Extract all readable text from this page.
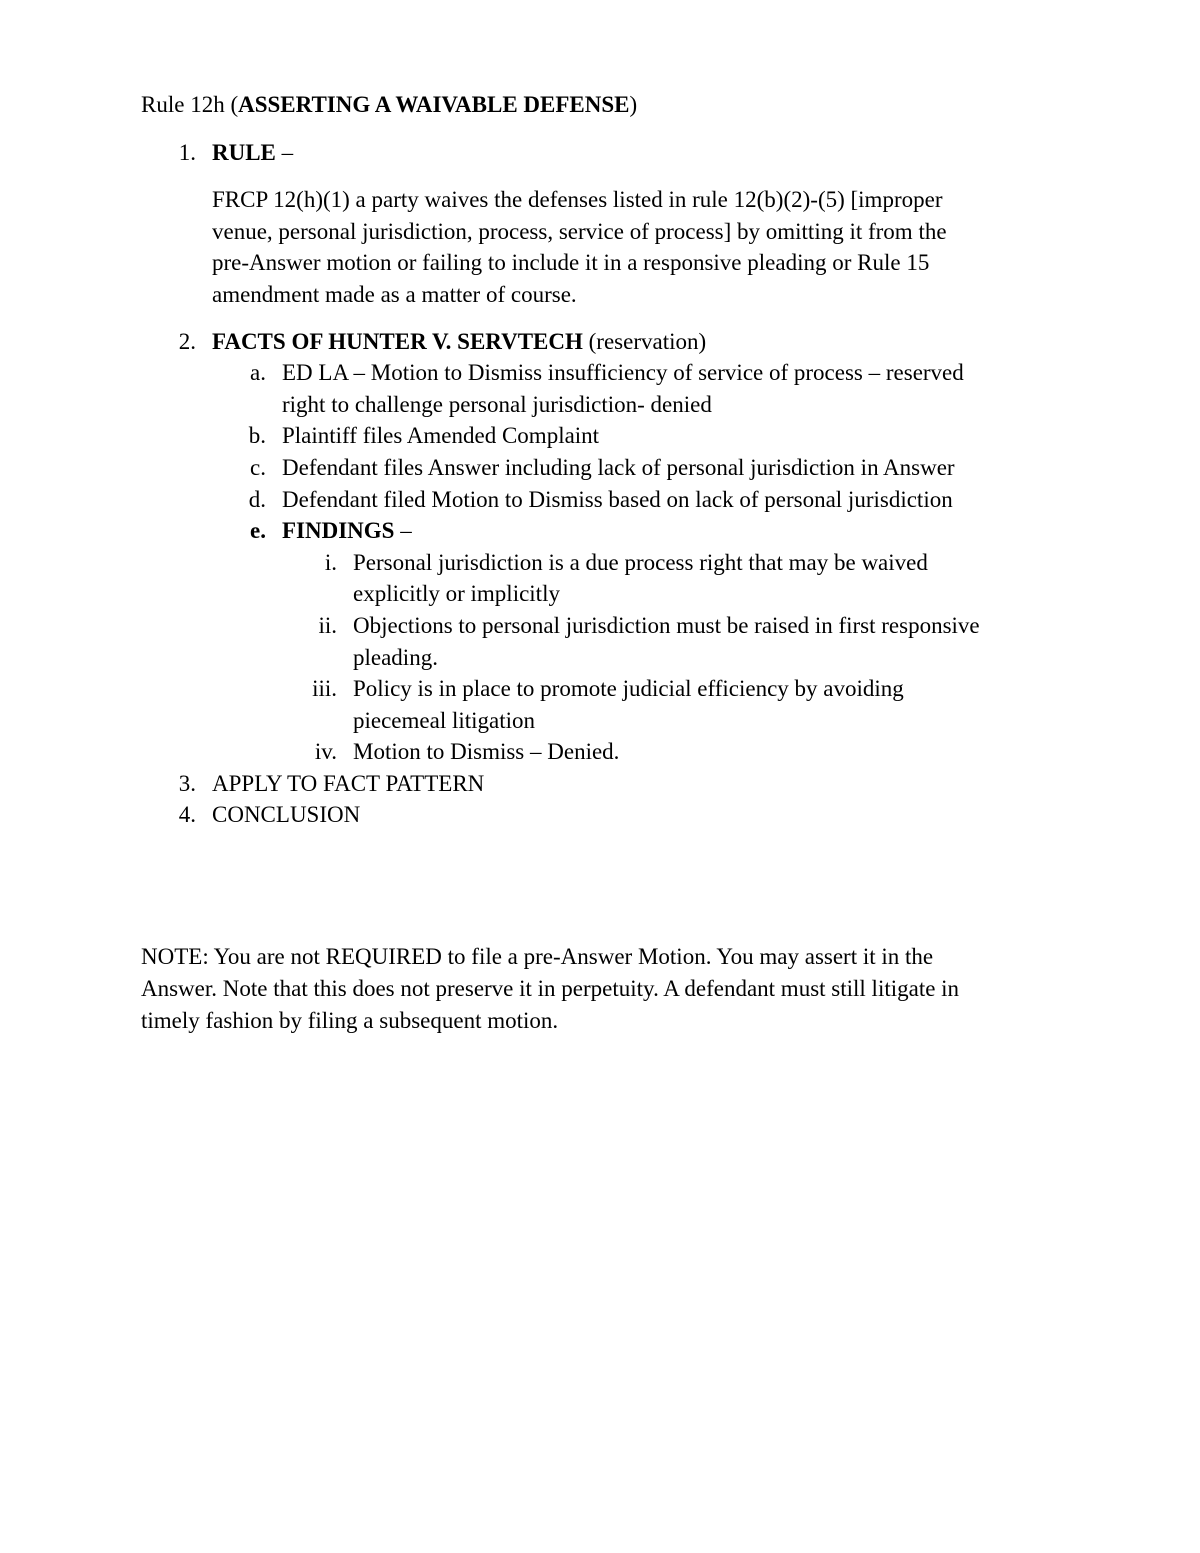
Rule 12h (ASSERTING A WAIVABLE DEFENSE)
1. RULE –
FRCP 12(h)(1) a party waives the defenses listed in rule 12(b)(2)-(5) [improper
venue, personal jurisdiction, process, service of process] by omitting it from the
pre-Answer motion or failing to include it in a responsive pleading or Rule 15
amendment made as a matter of course.
2. FACTS OF HUNTER V. SERVTECH (reservation)
a. ED LA – Motion to Dismiss insufficiency of service of process – reserved
right to challenge personal jurisdiction- denied
b. Plaintiff files Amended Complaint
c. Defendant files Answer including lack of personal jurisdiction in Answer
d. Defendant filed Motion to Dismiss based on lack of personal jurisdiction
e. FINDINGS –
i. Personal jurisdiction is a due process right that may be waived
explicitly or implicitly
ii. Objections to personal jurisdiction must be raised in first responsive
pleading.
iii. Policy is in place to promote judicial efficiency by avoiding
piecemeal litigation
iv. Motion to Dismiss – Denied.
3. APPLY TO FACT PATTERN
4. CONCLUSION
NOTE: You are not REQUIRED to file a pre-Answer Motion. You may assert it in the
Answer. Note that this does not preserve it in perpetuity. A defendant must still litigate in
timely fashion by filing a subsequent motion.
